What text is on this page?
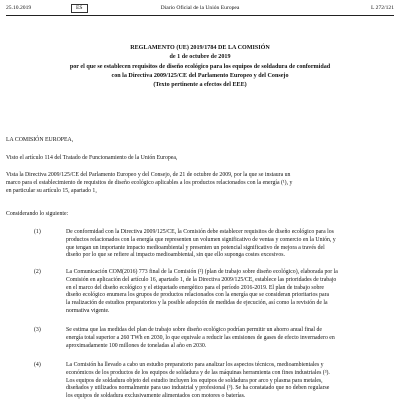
25.10.2019	ES	Diario Oficial de la Unión Europea	L 272/121
REGLAMENTO (UE) 2019/1784 DE LA COMISIÓN
de 1 de octubre de 2019
por el que se establecen requisitos de diseño ecológico para los equipos de soldadura de conformidad
con la Directiva 2009/125/CE del Parlamento Europeo y del Consejo
(Texto pertinente a efectos del EEE)
LA COMISIÓN EUROPEA,
Visto el artículo 114 del Tratado de Funcionamiento de la Unión Europea,
Vista la Directiva 2009/125/CE del Parlamento Europeo y del Consejo, de 21 de octubre de 2009, por la que se instaura un
marco para el establecimiento de requisitos de diseño ecológico aplicables a los productos relacionados con la energía (¹), y
en particular su artículo 15, apartado 1,
Considerando lo siguiente:
(1)	De conformidad con la Directiva 2009/125/CE, la Comisión debe establecer requisitos de diseño ecológico para los
productos relacionados con la energía que representen un volumen significativo de ventas y comercio en la Unión, y
que tengan un importante impacto medioambiental y presenten un potencial significativo de mejora a través del
diseño por lo que se refiere al impacto medioambiental, sin que ello suponga costes excesivos.
(2)	La Comunicación COM(2016) 773 final de la Comisión (²) (plan de trabajo sobre diseño ecológico), elaborada por la
Comisión en aplicación del artículo 16, apartado 1, de la Directiva 2009/125/CE, establece las prioridades de trabajo
en el marco del diseño ecológico y el etiquetado energético para el período 2016-2019. El plan de trabajo sobre
diseño ecológico enumera los grupos de productos relacionados con la energía que se consideran prioritarios para
la realización de estudios preparatorios y la posible adopción de medidas de ejecución, así como la revisión de la
normativa vigente.
(3)	Se estima que las medidas del plan de trabajo sobre diseño ecológico podrían permitir un ahorro anual final de
energía total superior a 260 TWh en 2030, lo que equivale a reducir las emisiones de gases de efecto invernadero en
aproximadamente 100 millones de toneladas al año en 2030.
(4)	La Comisión ha llevado a cabo un estudio preparatorio para analizar los aspectos técnicos, medioambientales y
económicos de los productos de los equipos de soldadura y de las máquinas herramienta con fines industriales (³).
Los equipos de soldadura objeto del estudio incluyen los equipos de soldadura por arco y plasma para metales,
diseñados y utilizados normalmente para uso industrial y profesional (³). Se ha constatado que no deben regularse
los equipos de soldadura exclusivamente alimentados con motores o baterías.
